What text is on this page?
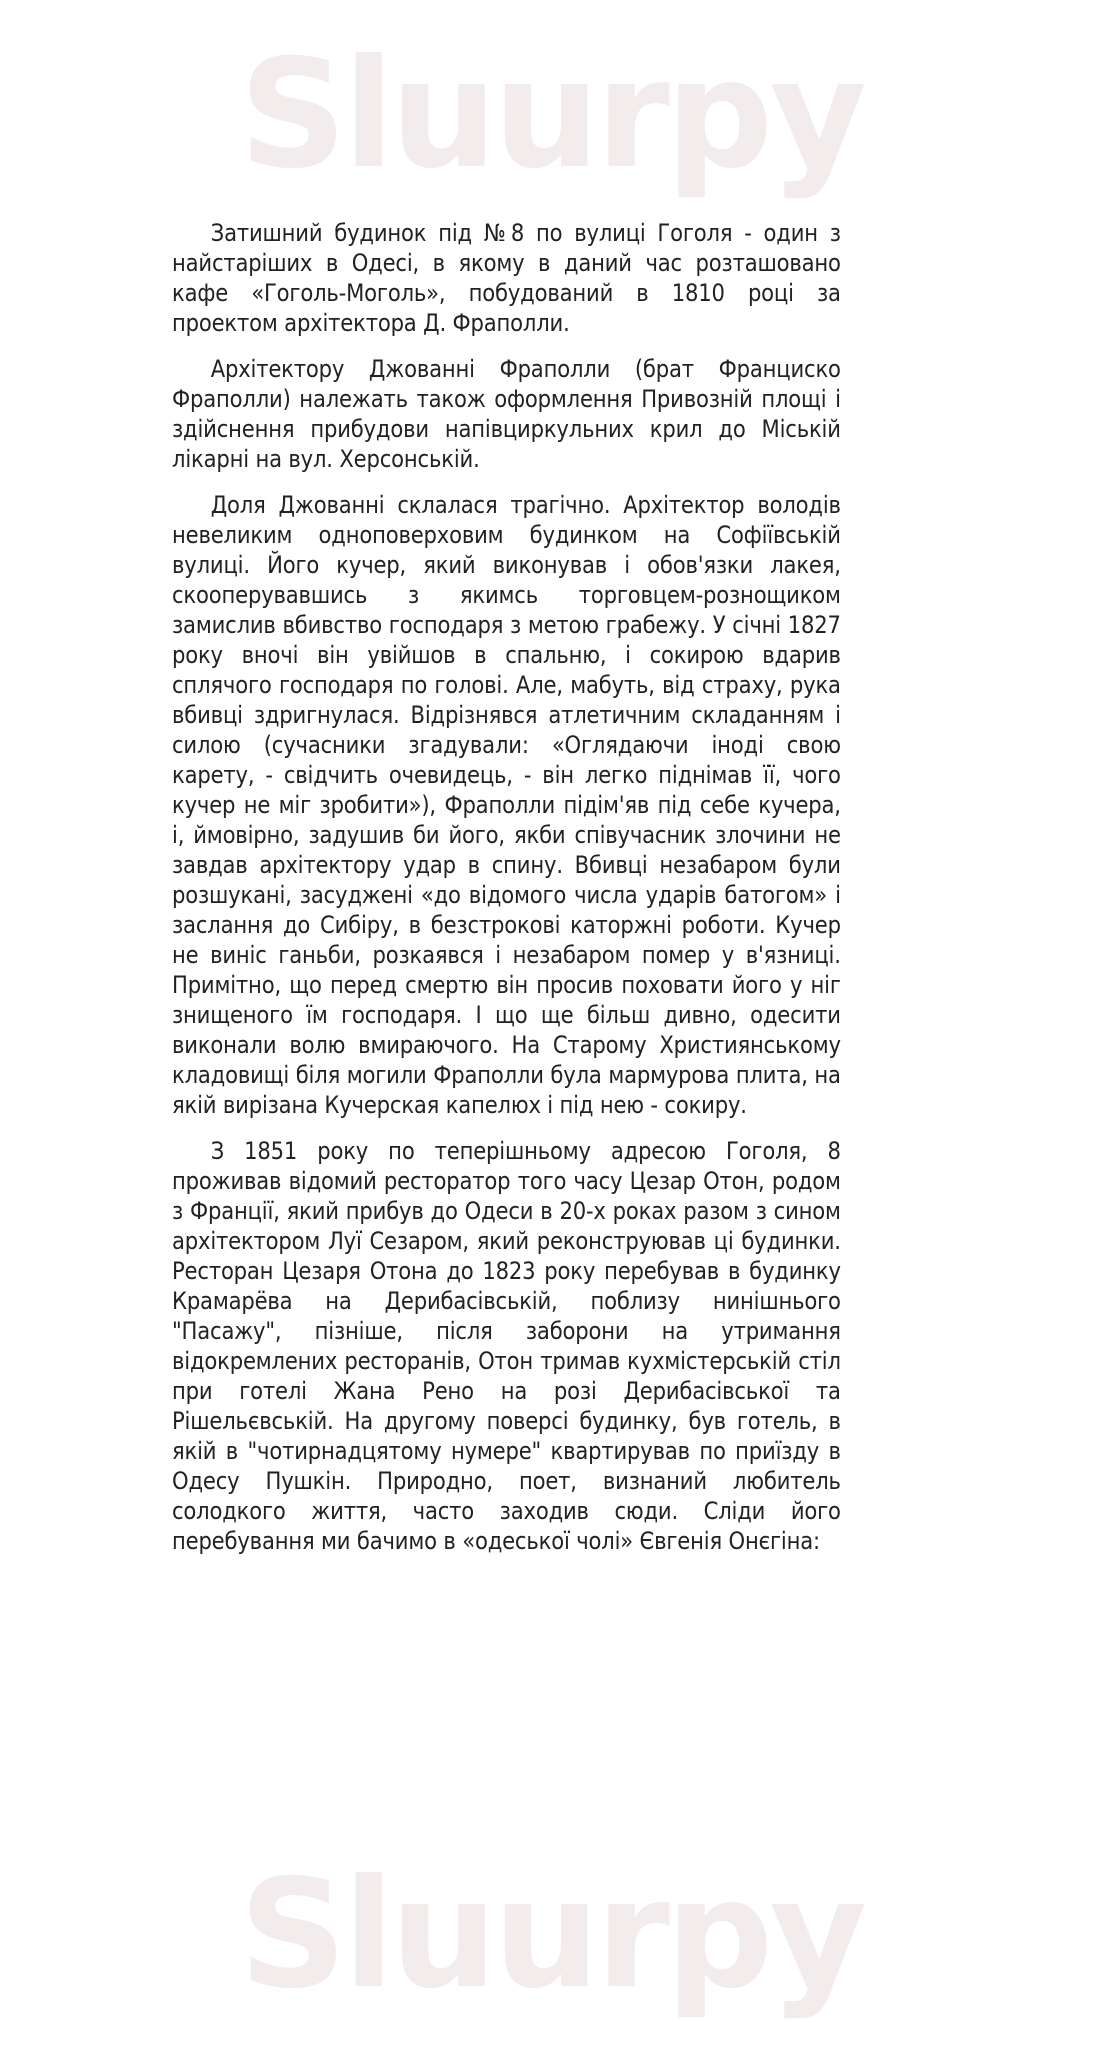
Sluurpy

Затишний будинок під №8 по вулиці Гоголя - один з найстаріших в Одесі, в якому в даний час розташовано кафе «Гоголь-Моголь», побудований в 1810 році за проектом архітектора Д. Фраполли.

Архітектору Джованні Фраполли (брат Франциско Фраполли) належать також оформлення Привозній площі і здійснення прибудови напівциркульних крил до Міській лікарні на вул. Херсонській.

Доля Джованні склалася трагічно. Архітектор володів невеликим одноповерховим будинком на Софіївській вулиці. Його кучер, який виконував і обов'язки лакея, скооперувавшись з якимсь торговцем-рознощиком замислив вбивство господаря з метою грабежу. У січні 1827 року вночі він увійшов в спальню, і сокирою вдарив сплячого господаря по голові. Але, мабуть, від страху, рука вбивці здригнулася. Відрізнявся атлетичним складанням і силою (сучасники згадували: «Оглядаючи іноді свою карету, - свідчить очевидець, - він легко піднімав її, чого кучер не міг зробити»), Фраполли підім'яв під себе кучера, і, ймовірно, задушив би його, якби співучасник злочини не завдав архітектору удар в спину. Вбивці незабаром були розшукані, засуджені «до відомого числа ударів батогом» і заслання до Сибіру, в безстрокові каторжні роботи. Кучер не виніс ганьби, розкаявся і незабаром помер у в'язниці. Примітно, що перед смертю він просив поховати його у ніг знищеного їм господаря. І що ще більш дивно, одесити виконали волю вмираючого. На Старому Християнському кладовищі біля могили Фраполли була мармурова плита, на якій вирізана Кучерская капелюх і під нею - сокиру.

З 1851 року по теперішньому адресою Гоголя, 8 проживав відомий ресторатор того часу Цезар Отон, родом з Франції, який прибув до Одеси в 20-х роках разом з сином архітектором Луї Сезаром, який реконструював ці будинки. Ресторан Цезаря Отона до 1823 року перебував в будинку Крамарёва на Дерибасівській, поблизу нинішнього "Пасажу", пізніше, після заборони на утримання відокремлених ресторанів, Отон тримав кухмістерській стіл при готелі Жана Рено на розі Дерибасівської та Рішельєвській. На другому поверсі будинку, був готель, в якій в "чотирнадцятому нумере" квартирував по приїзду в Одесу Пушкін. Природно, поет, визнаний любитель солодкого життя, часто заходив сюди. Сліди його перебування ми бачимо в «одеської чолі» Євгенія Онєгіна:

Sluurpy
